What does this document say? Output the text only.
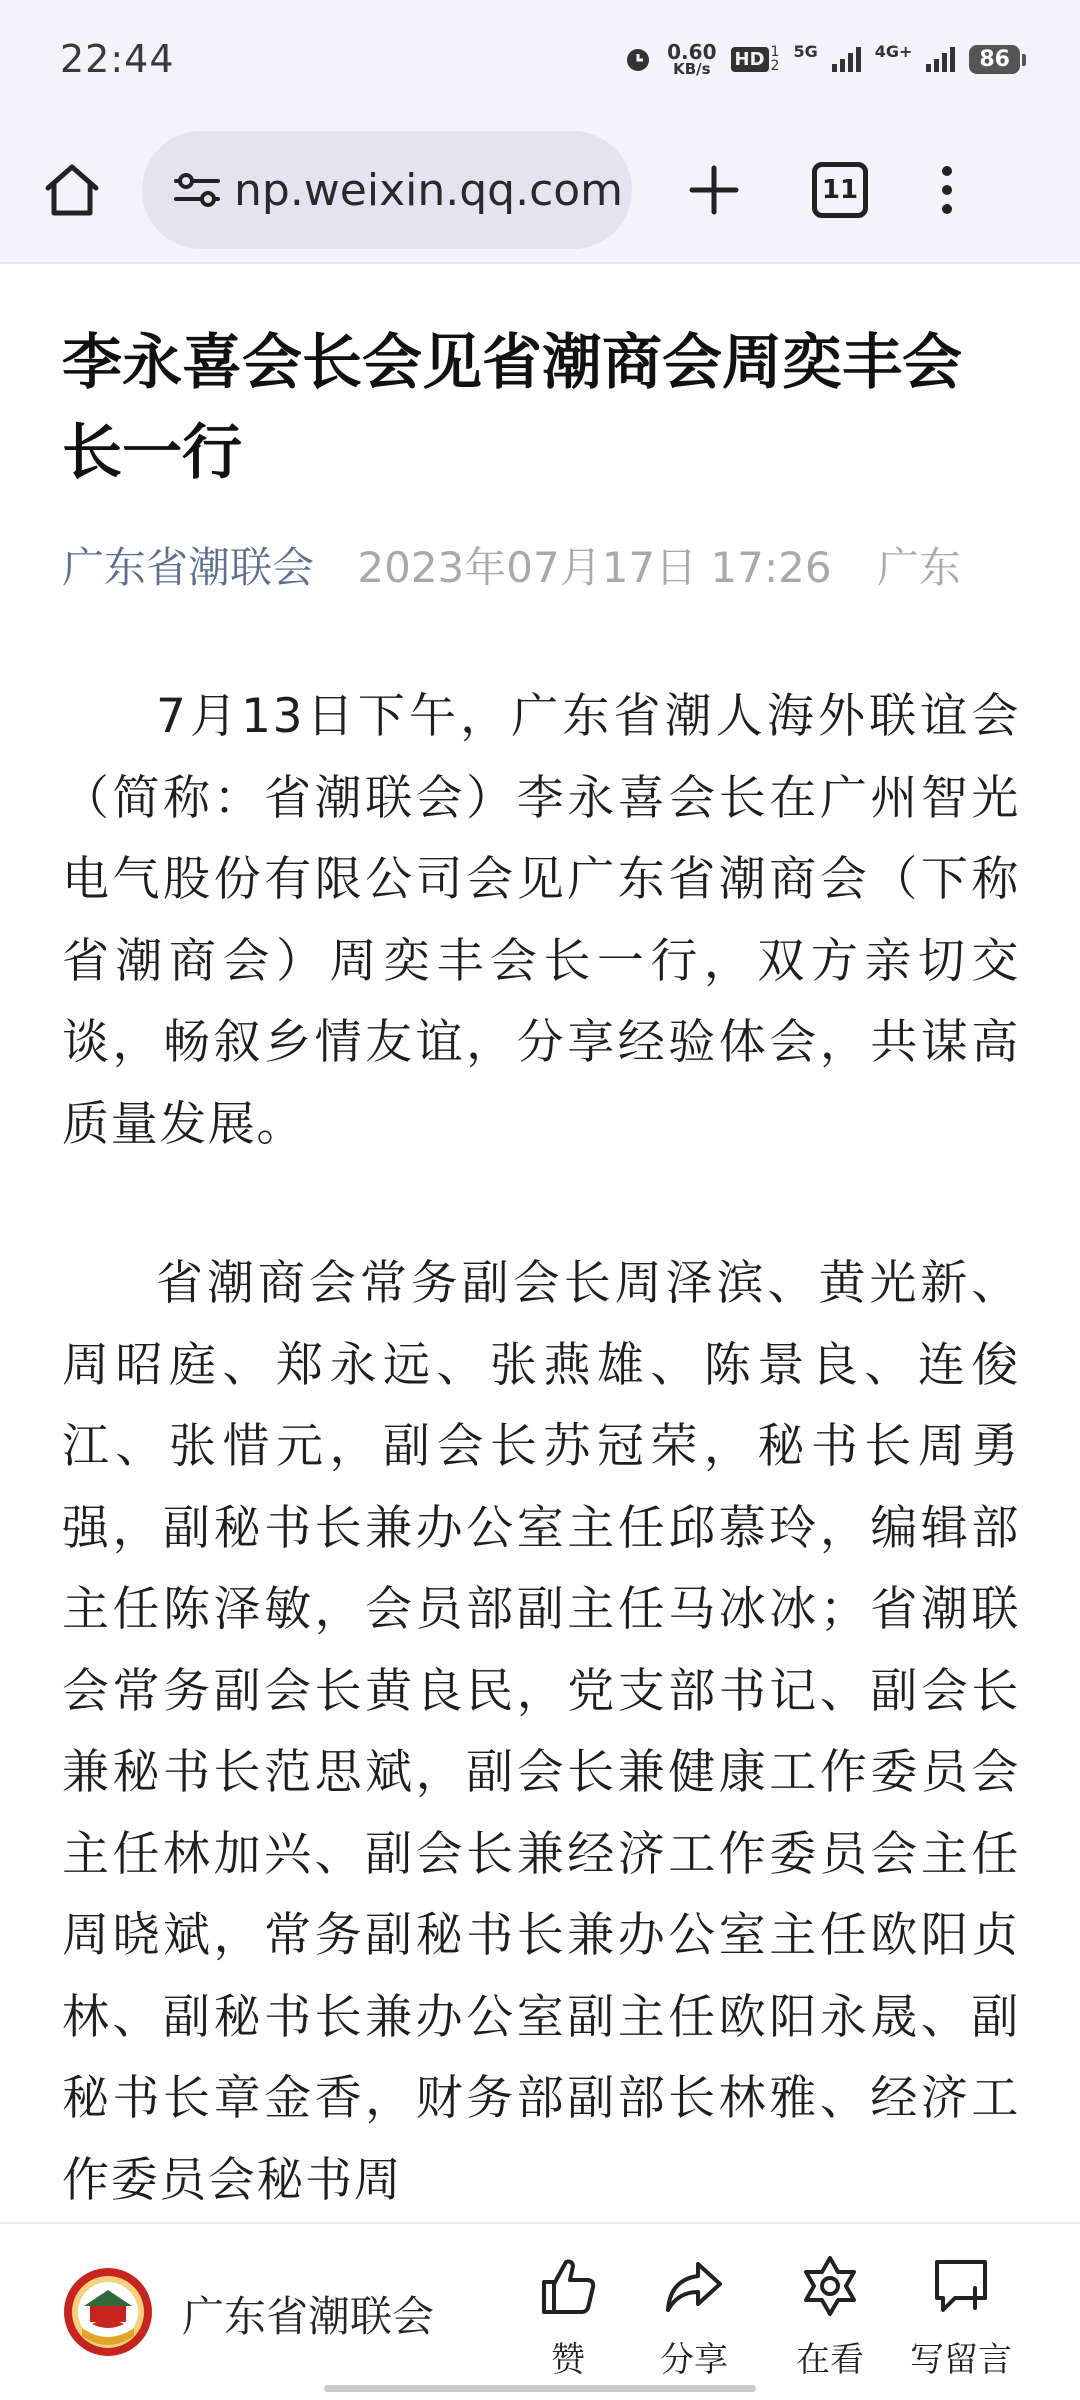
22:44	0.60
KB/s HD 1
2
5G	4G+	86
np.weixin.qq.com	11
李永喜会长会见省潮商会周奕丰会长一行
广东省潮联会 2023年07月17日 17:26 广东

7月13日下午，广东省潮人海外联谊会（简称：省潮联会）李永喜会长在广州智光电气股份有限公司会见广东省潮商会（下称省潮商会）周奕丰会长一行，双方亲切交谈，畅叙乡情友谊，分享经验体会，共谋高质量发展。

省潮商会常务副会长周泽滨、黄光新、周昭庭、郑永远、张燕雄、陈景良、连俊江、张惜元，副会长苏冠荣，秘书长周勇强，副秘书长兼办公室主任邱慕玲，编辑部主任陈泽敏，会员部副主任马冰冰；省潮联会常务副会长黄良民，党支部书记、副会长兼秘书长范思斌，副会长兼健康工作委员会主任林加兴、副会长兼经济工作委员会主任周晓斌，常务副秘书长兼办公室主任欧阳贞林、副秘书长兼办公室副主任欧阳永晟、副秘书长章金香，财务部副部长林雅、经济工作委员会秘书周

广东省潮联会
赞 分享 在看 写留言
